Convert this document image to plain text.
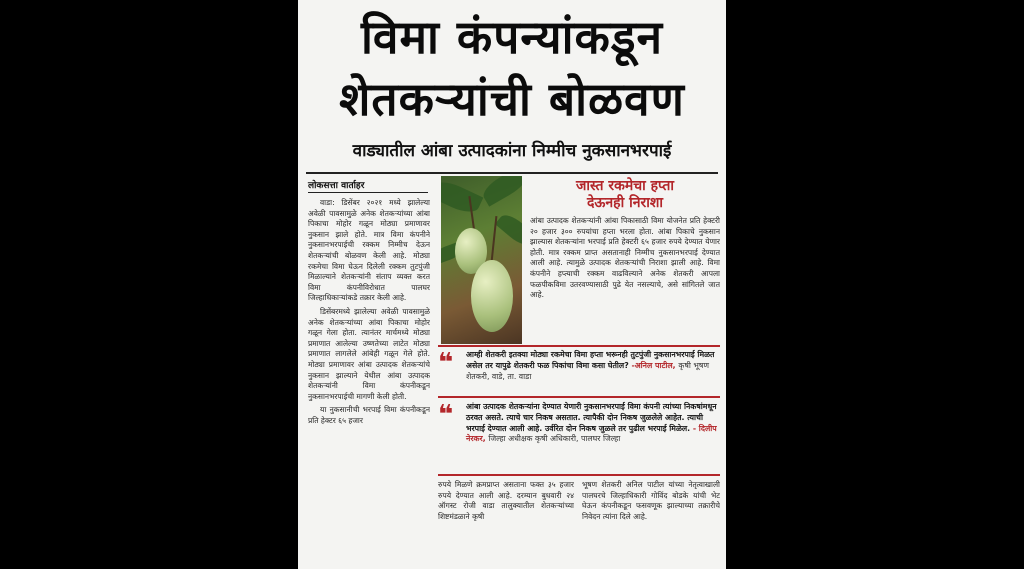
विमा कंपन्यांकडून
शेतकऱ्यांची बोळवण
वाड्यातील आंबा उत्पादकांना निम्मीच नुकसानभरपाई
लोकसत्ता वार्ताहर

वाडा: डिसेंबर २०२१ मध्ये झालेल्या अवेळी पावसामुळे अनेक शेतकऱ्यांच्या आंबा पिकाचा मोहोर गळून मोठ्या प्रमाणावर नुकसान झाले होते. मात्र विमा कंपनीने नुकसानभरपाईची रक्कम निम्मीच देऊन शेतकऱ्यांची बोळवण केली आहे. मोठ्या रकमेचा विमा घेऊन दिलेली रक्कम तुटपुंजी मिळाल्याने शेतकऱ्यांनी संताप व्यक्त करत विमा कंपनीविरोधात पालघर जिल्हाधिकाऱ्यांकडे तक्रार केली आहे.

डिसेंबरमध्ये झालेल्या अवेळी पावसामुळे अनेक शेतकऱ्यांच्या आंबा पिकाचा मोहोर गळून गेला होता. त्यानंतर मार्चमध्ये मोठ्या प्रमाणात आलेल्या उष्णतेच्या लाटेत मोठ्या प्रमाणात लागलेले आंबेही गळून गेले होते. मोठ्या प्रमाणावर आंबा उत्पादक शेतकऱ्यांचे नुकसान झाल्याने येथील आंबा उत्पादक शेतकऱ्यांनी विमा कंपनीकडून नुकसानभरपाईची मागणी केली होती.

या नुकसानीची भरपाई विमा कंपनीकडून प्रति हेक्टर ६५ हजार

जास्त रकमेचा हप्ता
देऊनही निराशा
आंबा उत्पादक शेतकऱ्यांनी आंबा पिकासाठी विमा योजनेत प्रति हेक्टरी २० हजार ३०० रुपयांचा हप्ता भरला होता. आंबा पिकाचे नुकसान झाल्यास शेतकऱ्यांना भरपाई प्रति हेक्टरी ६५ हजार रुपये देण्यात येणार होती. मात्र रक्कम प्राप्त असतानाही निम्मीच नुकसानभरपाई देण्यात आली आहे. त्यामुळे उत्पादक शेतकऱ्यांची निराशा झाली आहे. विमा कंपनीने हप्त्याची रक्कम वाढविल्याने अनेक शेतकरी आपला फळपीकविमा उतरवण्यासाठी पुढे येत नसल्याचे, असे सांगितले जात आहे.
❝ आम्ही शेतकरी इतक्या मोठ्या रकमेचा विमा हप्ता भरूनही तुटपुंजी नुकसानभरपाई मिळत असेल तर यापुढे शेतकरी फळ पिकांचा विमा कसा घेतील? -अनिल पाटील, कृषी भूषण शेतकरी, वाडे, ता. वाडा
❝ आंबा उत्पादक शेतकऱ्यांना देण्यात येणारी नुकसानभरपाई विमा कंपनी त्यांच्या निकषांमधून ठरवत असते. त्याचे चार निकष असतात. त्यापैकी दोन निकष जुळलेले आहेत. त्याची भरपाई देण्यात आली आहे. उर्वरित दोन निकष जुळले तर पुढील भरपाई मिळेल. - दिलीप नेरकर, जिल्हा अधीक्षक कृषी अधिकारी, पालघर जिल्हा
रुपये मिळणे क्रमप्राप्त असताना फक्त ३५ हजार रुपये देण्यात आली आहे. दरम्यान बुधवारी २४ ऑगस्ट रोजी वाडा तालुक्यातील शेतकऱ्यांच्या शिष्टमंडळाने कृषी
भूषण शेतकरी अनिल पाटील यांच्या नेतृत्वाखाली पालघरचे जिल्हाधिकारी गोविंद बोडके यांची भेट घेऊन कंपनीकडून फसवणूक झाल्याच्या तक्रारीचे निवेदन त्यांना दिले आहे.
